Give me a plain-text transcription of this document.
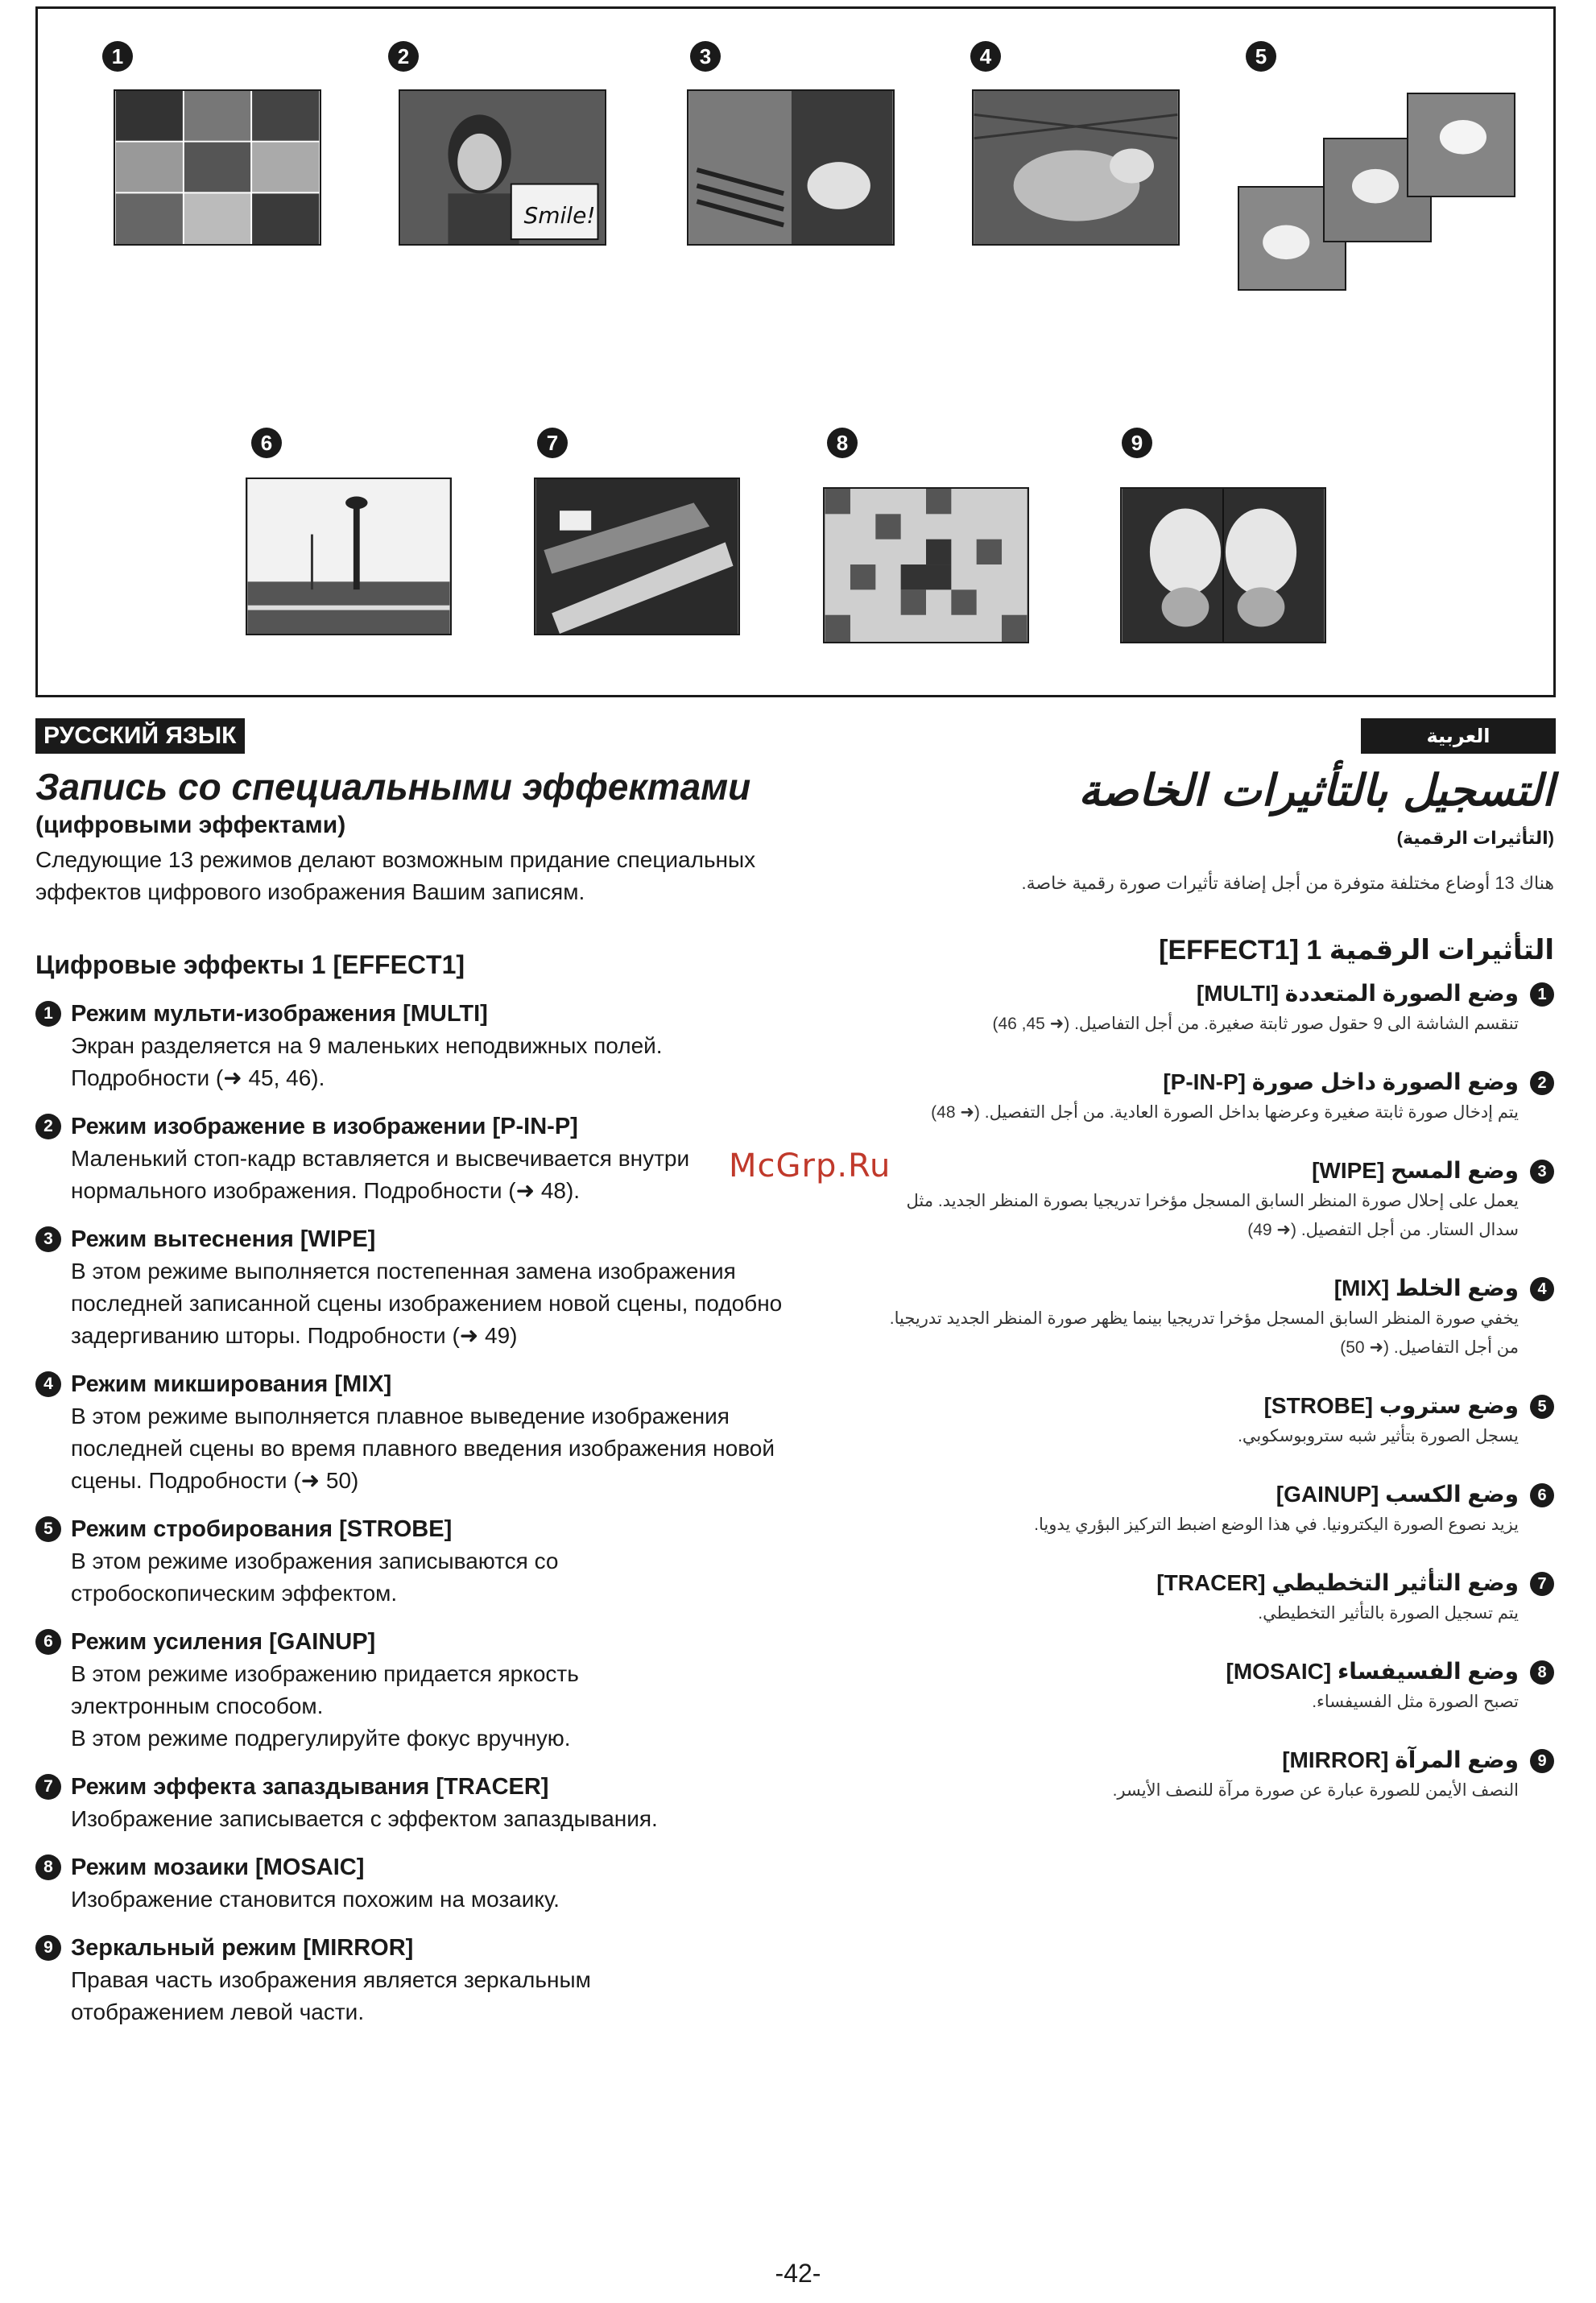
1	2	3	4	5
Smile!
6	7	8	9
РУССКИЙ ЯЗЫК	العربية
Запись со специальными эффектами
(цифровыми эффектами)
Следующие 13 режимов делают возможным придание специальных эффектов цифрового изображения Вашим записям.
Цифровые эффекты 1 [EFFECT1]
1 Режим мульти-изображения [MULTI]
Экран разделяется на 9 маленьких неподвижных полей. Подробности (➜ 45, 46).
2 Режим изображение в изображении [P-IN-P]
Маленький стоп-кадр вставляется и высвечивается внутри нормального изображения. Подробности (➜ 48).
3 Режим вытеснения [WIPE]
В этом режиме выполняется постепенная замена изображения последней записанной сцены изображением новой сцены, подобно задергиванию шторы. Подробности (➜ 49)
4 Режим микширования [MIX]
В этом режиме выполняется плавное выведение изображения последней сцены во время плавного введения изображения новой сцены. Подробности (➜ 50)
5 Режим стробирования [STROBE]
В этом режиме изображения записываются со стробоскопическим эффектом.
6 Режим усиления [GAINUP]
В этом режиме изображению придается яркость электронным способом.
В этом режиме подрегулируйте фокус вручную.
7 Режим эффекта запаздывания [TRACER]
Изображение записывается с эффектом запаздывания.
8 Режим мозаики [MOSAIC]
Изображение становится похожим на мозаику.
9 Зеркальный режим [MIRROR]
Правая часть изображения является зеркальным отображением левой части.
التسجيل بالتأثيرات الخاصة
(التأثيرات الرقمية)
هناك 13 أوضاع مختلفة متوفرة من أجل إضافة تأثيرات صورة رقمية خاصة.
التأثيرات الرقمية 1 [EFFECT1]
1
وضع الصورة المتعددة [MULTI]
تنقسم الشاشة الى 9 حقول صور ثابتة صغيرة. من أجل التفاصيل. (➜ 45, 46)
2
وضع الصورة داخل صورة [P-IN-P]
يتم إدخال صورة ثابتة صغيرة وعرضها بداخل الصورة العادية. من أجل التفصيل. (➜ 48)
3
وضع المسح [WIPE]
يعمل على إحلال صورة المنظر السابق المسجل مؤخرا تدريجيا بصورة المنظر الجديد. مثل سدال الستار. من أجل التفصيل. (➜ 49)
4
وضع الخلط [MIX]
يخفي صورة المنظر السابق المسجل مؤخرا تدريجيا بينما يظهر صورة المنظر الجديد تدريجيا. من أجل التفاصيل. (➜ 50)
5
وضع ستروب [STROBE]
يسجل الصورة بتأثير شبه ستروبوسكوبي.
6
وضع الكسب [GAINUP]
يزيد نصوع الصورة اليكترونيا. في هذا الوضع اضبط التركيز البؤري يدويا.
7
وضع التأثير التخطيطي [TRACER]
يتم تسجيل الصورة بالتأثير التخطيطي.
8
وضع الفسيفساء [MOSAIC]
تصبح الصورة مثل الفسيفساء.
9
وضع المرآة [MIRROR]
النصف الأيمن للصورة عبارة عن صورة مرآة للنصف الأيسر.
McGrp.Ru
-42-
